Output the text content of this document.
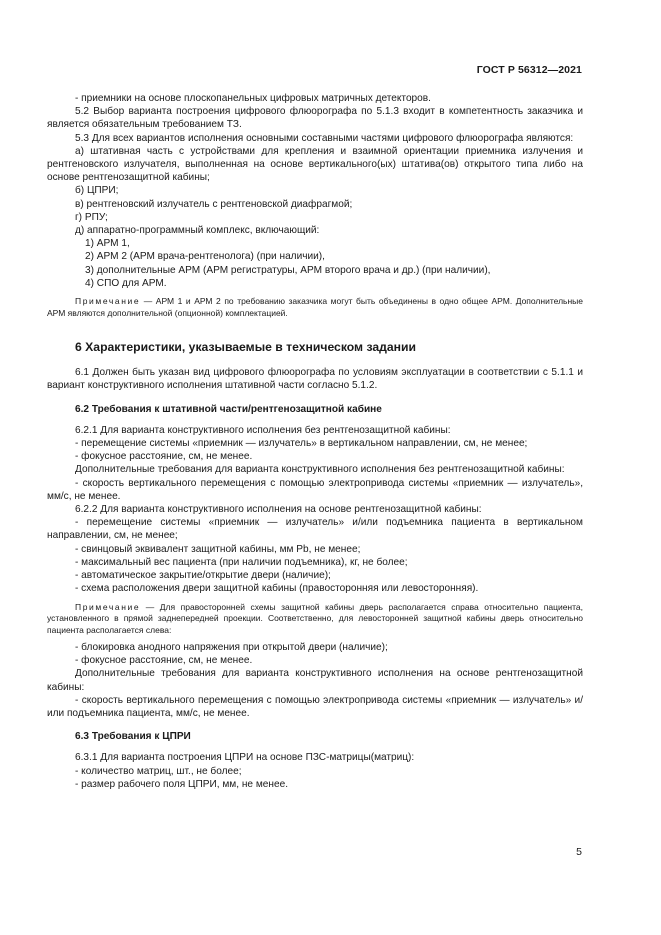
ГОСТ Р 56312—2021

- приемники на основе плоскопанельных цифровых матричных детекторов.

5.2 Выбор варианта построения цифрового флюорографа по 5.1.3 входит в компетентность заказчика и является обязательным требованием ТЗ.

5.3 Для всех вариантов исполнения основными составными частями цифрового флюорографа являются:

а) штативная часть с устройствами для крепления и взаимной ориентации приемника излучения и рентгеновского излучателя, выполненная на основе вертикального(ых) штатива(ов) открытого типа либо на основе рентгенозащитной кабины;

б) ЦПРИ;

в) рентгеновский излучатель с рентгеновской диафрагмой;

г) РПУ;

д) аппаратно-программный комплекс, включающий:

1) АРМ 1,

2) АРМ 2 (АРМ врача-рентгенолога) (при наличии),

3) дополнительные АРМ (АРМ регистратуры, АРМ второго врача и др.) (при наличии),

4) СПО для АРМ.

Примечание — АРМ 1 и АРМ 2 по требованию заказчика могут быть объединены в одно общее АРМ. Дополнительные АРМ являются дополнительной (опционной) комплектацией.

6 Характеристики, указываемые в техническом задании

6.1 Должен быть указан вид цифрового флюорографа по условиям эксплуатации в соответствии с 5.1.1 и вариант конструктивного исполнения штативной части согласно 5.1.2.

6.2 Требования к штативной части/рентгенозащитной кабине

6.2.1 Для варианта конструктивного исполнения без рентгенозащитной кабины:

- перемещение системы «приемник — излучатель» в вертикальном направлении, см, не менее;

- фокусное расстояние, см, не менее.

Дополнительные требования для варианта конструктивного исполнения без рентгенозащитной кабины:

- скорость вертикального перемещения с помощью электропривода системы «приемник — излучатель», мм/с, не менее.

6.2.2 Для варианта конструктивного исполнения на основе рентгенозащитной кабины:

- перемещение системы «приемник — излучатель» и/или подъемника пациента в вертикальном направлении, см, не менее;

- свинцовый эквивалент защитной кабины, мм Pb, не менее;

- максимальный вес пациента (при наличии подъемника), кг, не более;

- автоматическое закрытие/открытие двери (наличие);

- схема расположения двери защитной кабины (правосторонняя или левосторонняя).

Примечание — Для правосторонней схемы защитной кабины дверь располагается справа относительно пациента, установленного в прямой заднепередней проекции. Соответственно, для левосторонней защитной кабины дверь относительно пациента располагается слева:

- блокировка анодного напряжения при открытой двери (наличие);

- фокусное расстояние, см, не менее.

Дополнительные требования для варианта конструктивного исполнения на основе рентгенозащитной кабины:

- скорость вертикального перемещения с помощью электропривода системы «приемник — излучатель» и/или подъемника пациента, мм/с, не менее.

6.3 Требования к ЦПРИ

6.3.1 Для варианта построения ЦПРИ на основе ПЗС-матрицы(матриц):

- количество матриц, шт., не более;

- размер рабочего поля ЦПРИ, мм, не менее.

5
